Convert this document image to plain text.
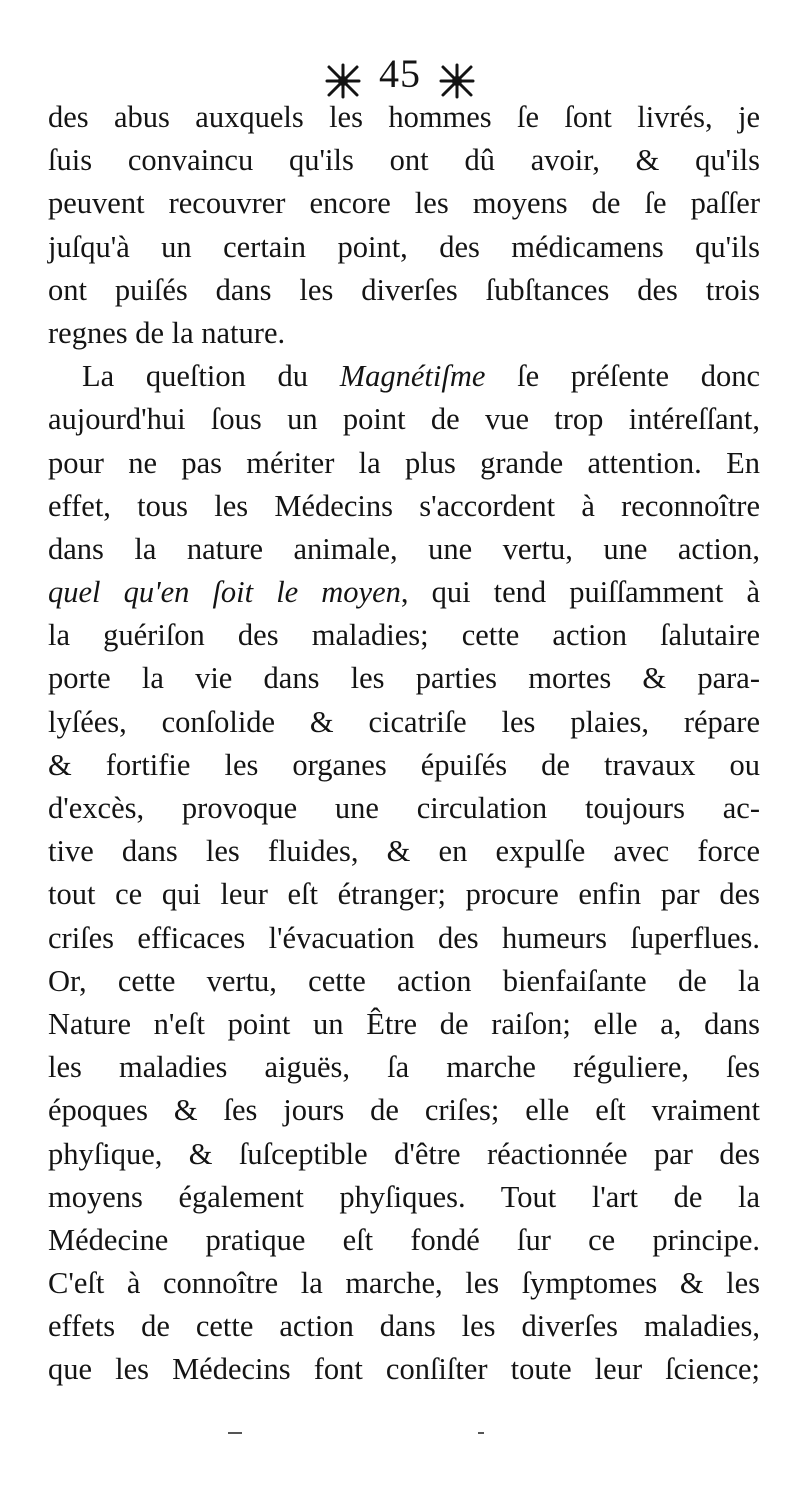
45
des abus auxquels les hommes ſe ſont livrés, je
ſuis convaincu qu'ils ont dû avoir, & qu'ils
peuvent recouvrer encore les moyens de ſe paſſer
juſqu'à un certain point, des médicamens qu'ils
ont puiſés dans les diverſes ſubſtances des trois
regnes de la nature.
La queſtion du Magnétiſme ſe préſente donc
aujourd'hui ſous un point de vue trop intéreſſant,
pour ne pas mériter la plus grande attention. En
effet, tous les Médecins s'accordent à reconnoître
dans la nature animale, une vertu, une action,
quel qu'en ſoit le moyen, qui tend puiſſamment à
la guériſon des maladies; cette action ſalutaire
porte la vie dans les parties mortes & para-
lyſées, conſolide & cicatriſe les plaies, répare
& fortifie les organes épuiſés de travaux ou
d'excès, provoque une circulation toujours ac-
tive dans les fluides, & en expulſe avec force
tout ce qui leur eſt étranger; procure enfin par des
criſes efficaces l'évacuation des humeurs ſuperflues.
Or, cette vertu, cette action bienfaiſante de la
Nature n'eſt point un Être de raiſon; elle a, dans
les maladies aiguës, ſa marche réguliere, ſes
époques & ſes jours de criſes; elle eſt vraiment
phyſique, & ſuſceptible d'être réactionnée par des
moyens également phyſiques. Tout l'art de la
Médecine pratique eſt fondé ſur ce principe.
C'eſt à connoître la marche, les ſymptomes & les
effets de cette action dans les diverſes maladies,
que les Médecins font conſiſter toute leur ſcience;
